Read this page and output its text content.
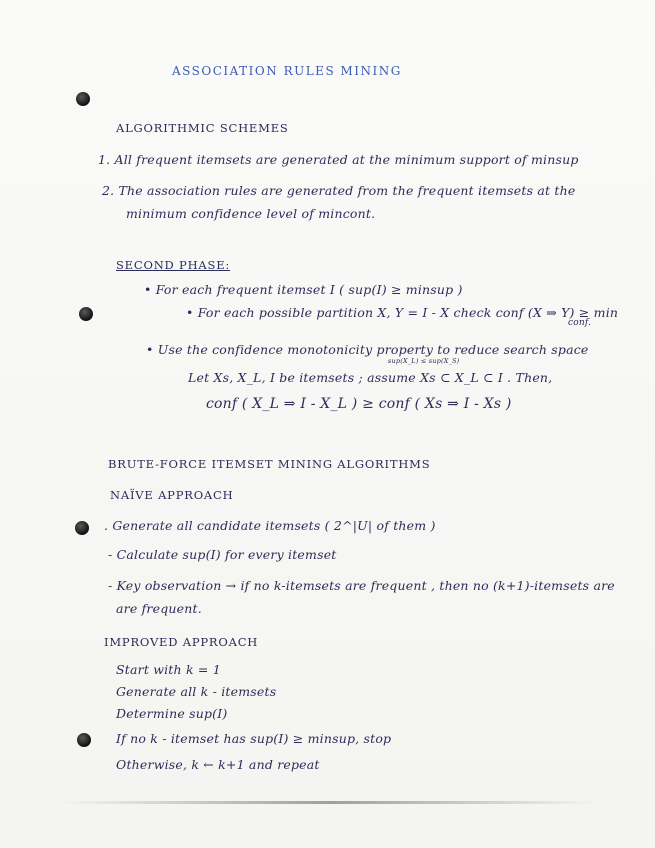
ASSOCIATION RULES MINING
ALGORITHMIC SCHEMES
1. All frequent itemsets are generated at the minimum support of minsup
2. The association rules are generated from the frequent itemsets at the
minimum confidence level of mincont.
SECOND PHASE:
• For each frequent itemset I ( sup(I) ≥ minsup )
• For each possible partition X, Y = I - X check conf (X ⇒ Y) ≥ min
conf.
• Use the confidence monotonicity property to reduce search space
sup(X_L) ≤ sup(X_S)
Let Xs, X_L, I be itemsets ; assume Xs ⊂ X_L ⊂ I . Then,
conf ( X_L ⇒ I - X_L ) ≥ conf ( Xs ⇒ I - Xs )
BRUTE-FORCE ITEMSET MINING ALGORITHMS
NAÏVE APPROACH
. Generate all candidate itemsets ( 2^|U| of them )
- Calculate sup(I) for every itemset
- Key observation → if no k-itemsets are frequent , then no (k+1)-itemsets are
are frequent.
IMPROVED APPROACH
Start with k = 1
Generate all k - itemsets
Determine sup(I)
If no k - itemset has sup(I) ≥ minsup, stop
Otherwise, k ← k+1 and repeat
